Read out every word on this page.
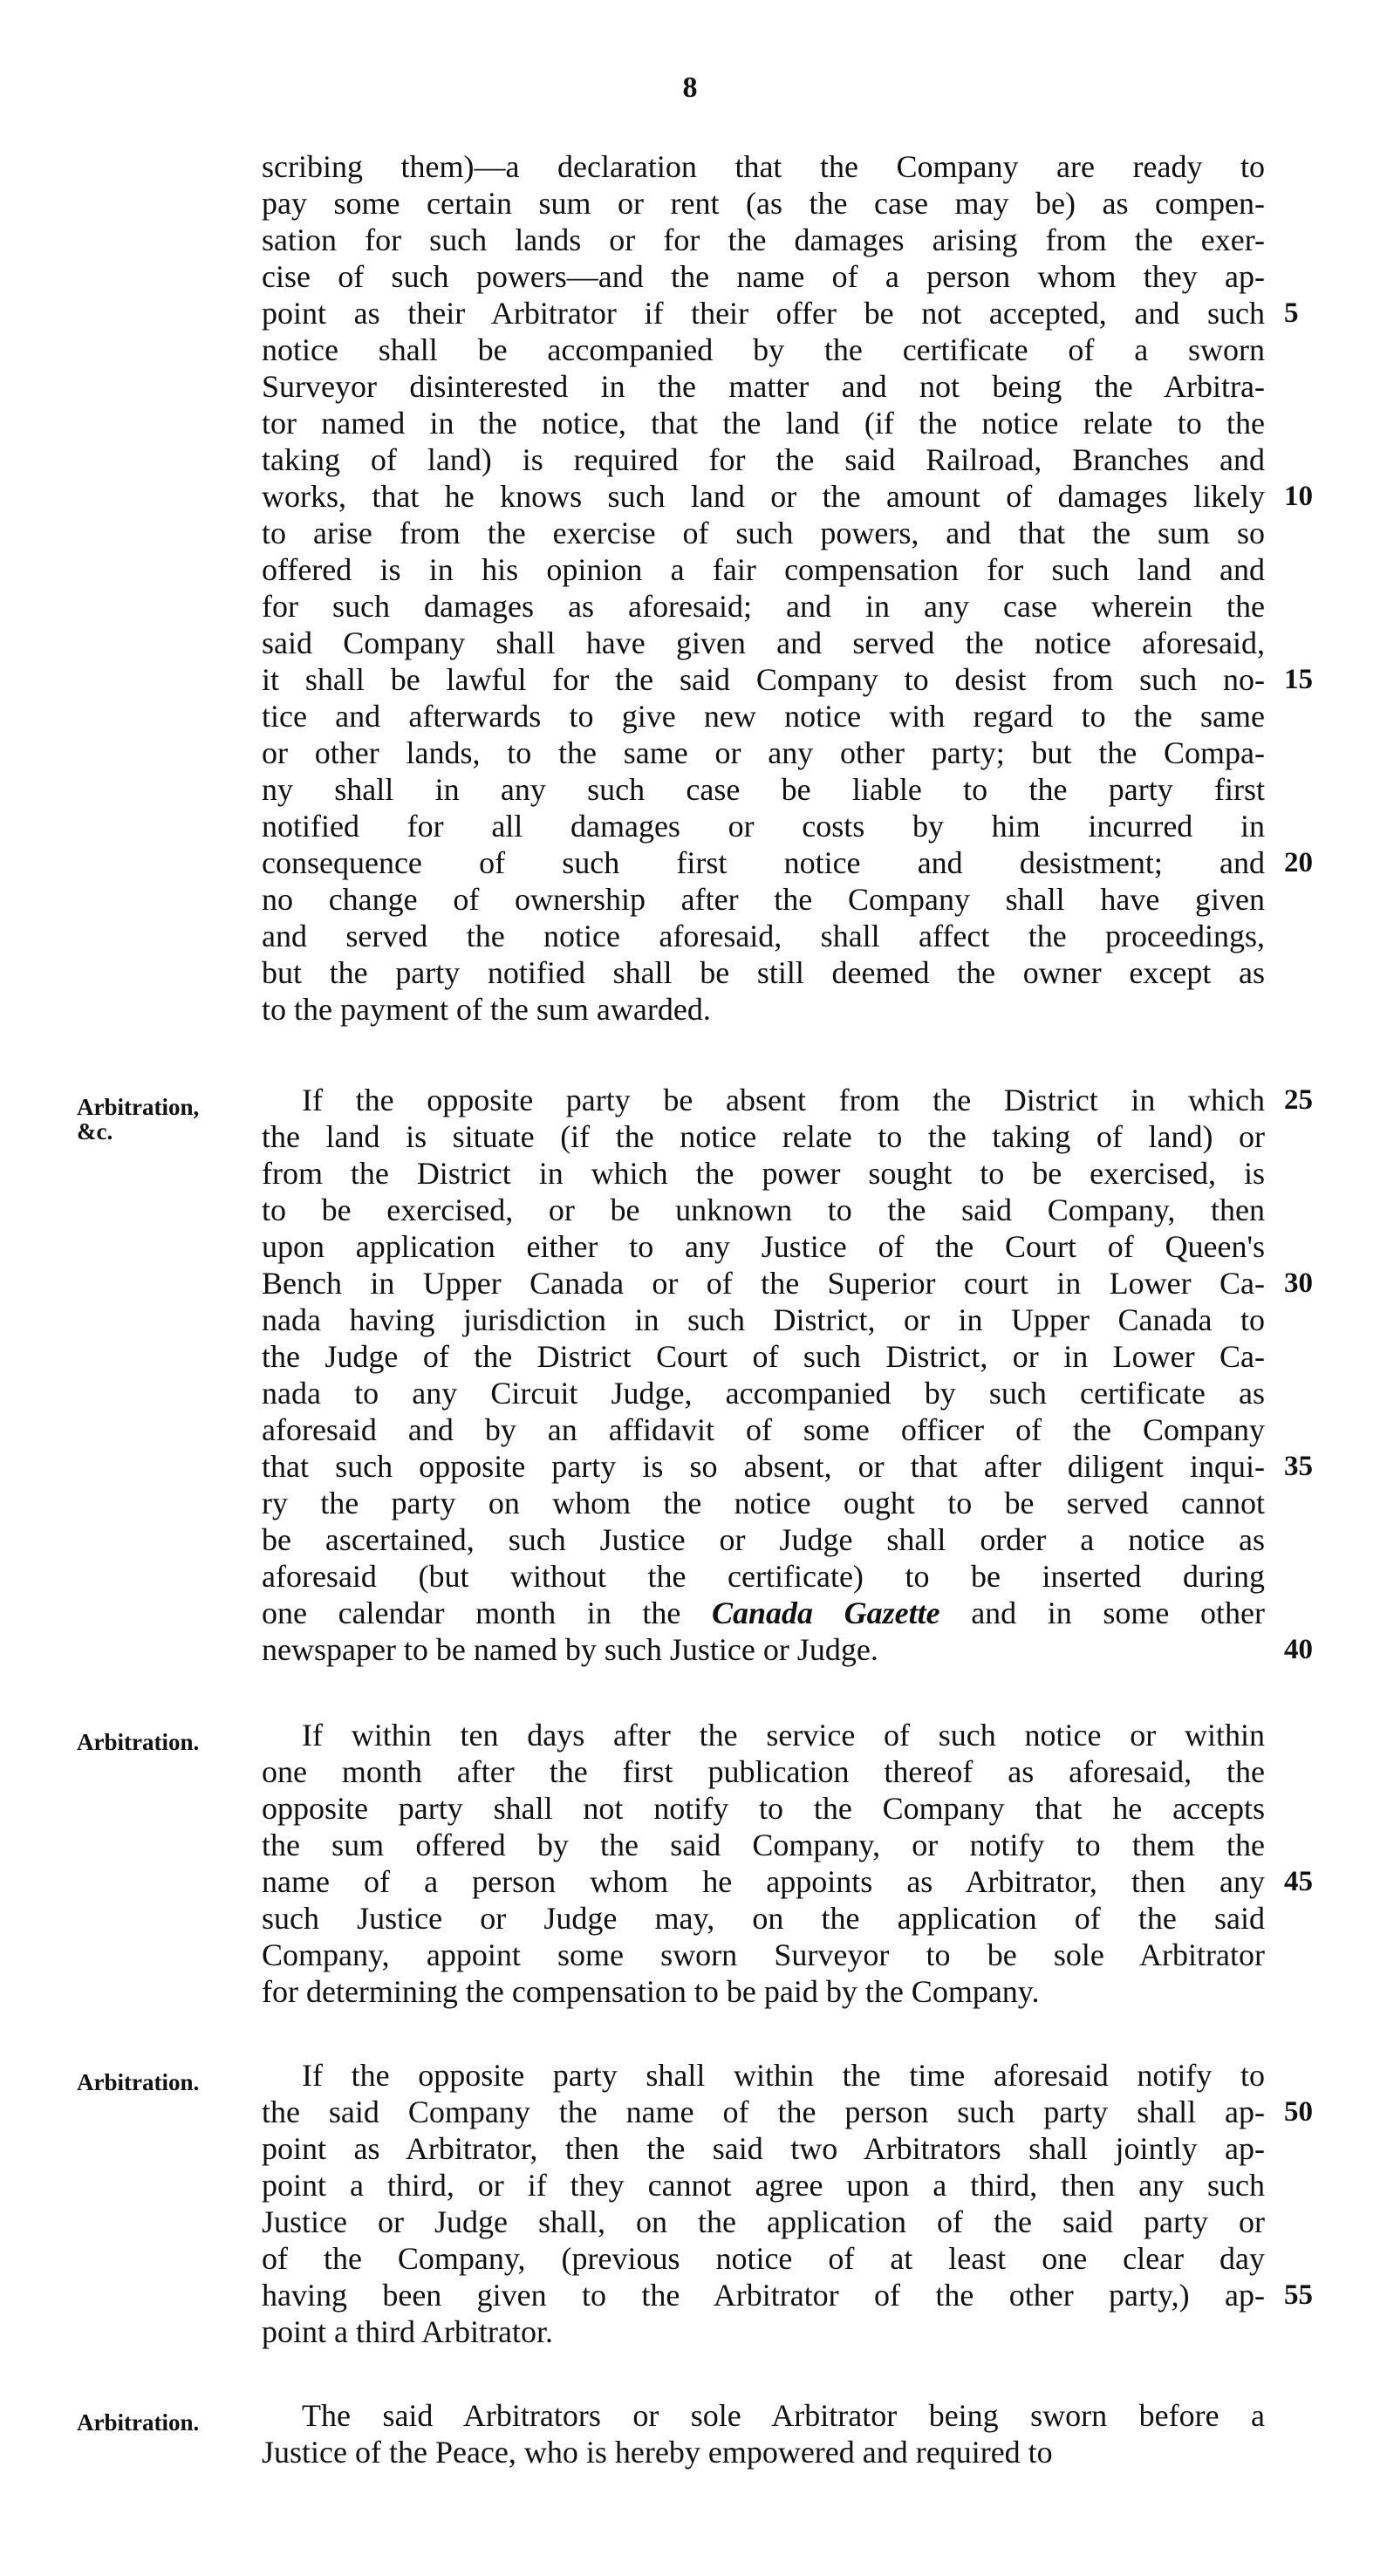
8
scribing them)—a declaration that the Company are ready to
pay some certain sum or rent (as the case may be) as compen-
sation for such lands or for the damages arising from the exer-
cise of such powers—and the name of a person whom they ap-
point as their Arbitrator if their offer be not accepted, and such
notice shall be accompanied by the certificate of a sworn
Surveyor disinterested in the matter and not being the Arbitra-
tor named in the notice, that the land (if the notice relate to the
taking of land) is required for the said Railroad, Branches and
works, that he knows such land or the amount of damages likely
to arise from the exercise of such powers, and that the sum so
offered is in his opinion a fair compensation for such land and
for such damages as aforesaid; and in any case wherein the
said Company shall have given and served the notice aforesaid,
it shall be lawful for the said Company to desist from such no-
tice and afterwards to give new notice with regard to the same
or other lands, to the same or any other party; but the Compa-
ny shall in any such case be liable to the party first
notified for all damages or costs by him incurred in
consequence of such first notice and desistment; and
no change of ownership after the Company shall have given
and served the notice aforesaid, shall affect the proceedings,
but the party notified shall be still deemed the owner except as
to the payment of the sum awarded.
Arbitration,
&c.
If the opposite party be absent from the District in which
the land is situate (if the notice relate to the taking of land) or
from the District in which the power sought to be exercised, is
to be exercised, or be unknown to the said Company, then
upon application either to any Justice of the Court of Queen's
Bench in Upper Canada or of the Superior court in Lower Ca-
nada having jurisdiction in such District, or in Upper Canada to
the Judge of the District Court of such District, or in Lower Ca-
nada to any Circuit Judge, accompanied by such certificate as
aforesaid and by an affidavit of some officer of the Company
that such opposite party is so absent, or that after diligent inqui-
ry the party on whom the notice ought to be served cannot
be ascertained, such Justice or Judge shall order a notice as
aforesaid (but without the certificate) to be inserted during
one calendar month in the Canada Gazette and in some other
newspaper to be named by such Justice or Judge.
Arbitration.	If within ten days after the service of such notice or within
one month after the first publication thereof as aforesaid, the
opposite party shall not notify to the Company that he accepts
the sum offered by the said Company, or notify to them the
name of a person whom he appoints as Arbitrator, then any
such Justice or Judge may, on the application of the said
Company, appoint some sworn Surveyor to be sole Arbitrator
for determining the compensation to be paid by the Company.
Arbitration.	If the opposite party shall within the time aforesaid notify to
the said Company the name of the person such party shall ap-
point as Arbitrator, then the said two Arbitrators shall jointly ap-
point a third, or if they cannot agree upon a third, then any such
Justice or Judge shall, on the application of the said party or
of the Company, (previous notice of at least one clear day
having been given to the Arbitrator of the other party,) ap-
point a third Arbitrator.
Arbitration.	The said Arbitrators or sole Arbitrator being sworn before a
Justice of the Peace, who is hereby empowered and required to
5
10
15
20
25
30
35
40
45
50
55
